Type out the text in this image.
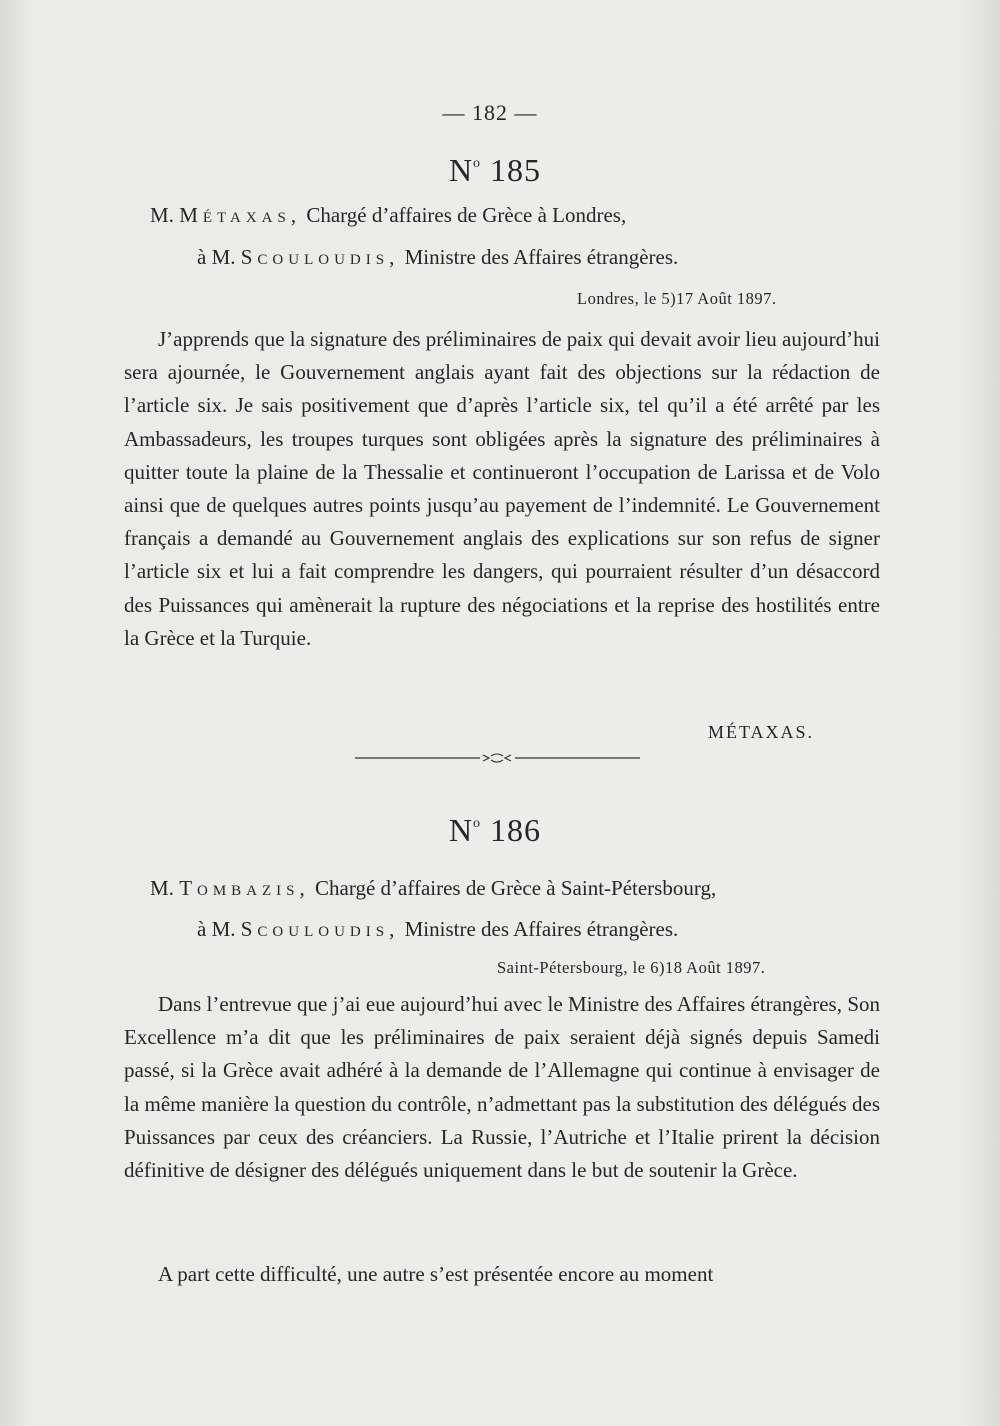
— 182 —
$N^o$ 185
M. Métaxas, Chargé d’affaires de Grèce à Londres,
à M. Scouloudis, Ministre des Affaires étrangères.
Londres, le 5)17 Août 1897.

J’apprends que la signature des préliminaires de paix qui devait avoir lieu aujourd’hui sera ajournée, le Gouvernement anglais ayant fait des objections sur la rédaction de l’article six. Je sais positivement que d’après l’article six, tel qu’il a été arrêté par les Ambassadeurs, les troupes turques sont obligées après la signature des préliminaires à quitter toute la plaine de la Thessalie et continueront l’occupation de Larissa et de Volo ainsi que de quelques autres points jusqu’au payement de l’indemnité. Le Gouvernement français a demandé au Gouvernement anglais des explications sur son refus de signer l’article six et lui a fait comprendre les dangers, qui pourraient résulter d’un désaccord des Puissances qui amènerait la rupture des négociations et la reprise des hostilités entre la Grèce et la Turquie.

MÉTAXAS.
$N^o$ 186
M. Tombazis, Chargé d’affaires de Grèce à Saint-Pétersbourg,
à M. Scouloudis, Ministre des Affaires étrangères.
Saint-Pétersbourg, le 6)18 Août 1897.

Dans l’entrevue que j’ai eue aujourd’hui avec le Ministre des Affaires étrangères, Son Excellence m’a dit que les préliminaires de paix seraient déjà signés depuis Samedi passé, si la Grèce avait adhéré à la demande de l’Allemagne qui continue à envisager de la même manière la question du contrôle, n’admettant pas la substitution des délégués des Puissances par ceux des créanciers. La Russie, l’Autriche et l’Italie prirent la décision définitive de désigner des délégués uniquement dans le but de soutenir la Grèce.

A part cette difficulté, une autre s’est présentée encore au moment
